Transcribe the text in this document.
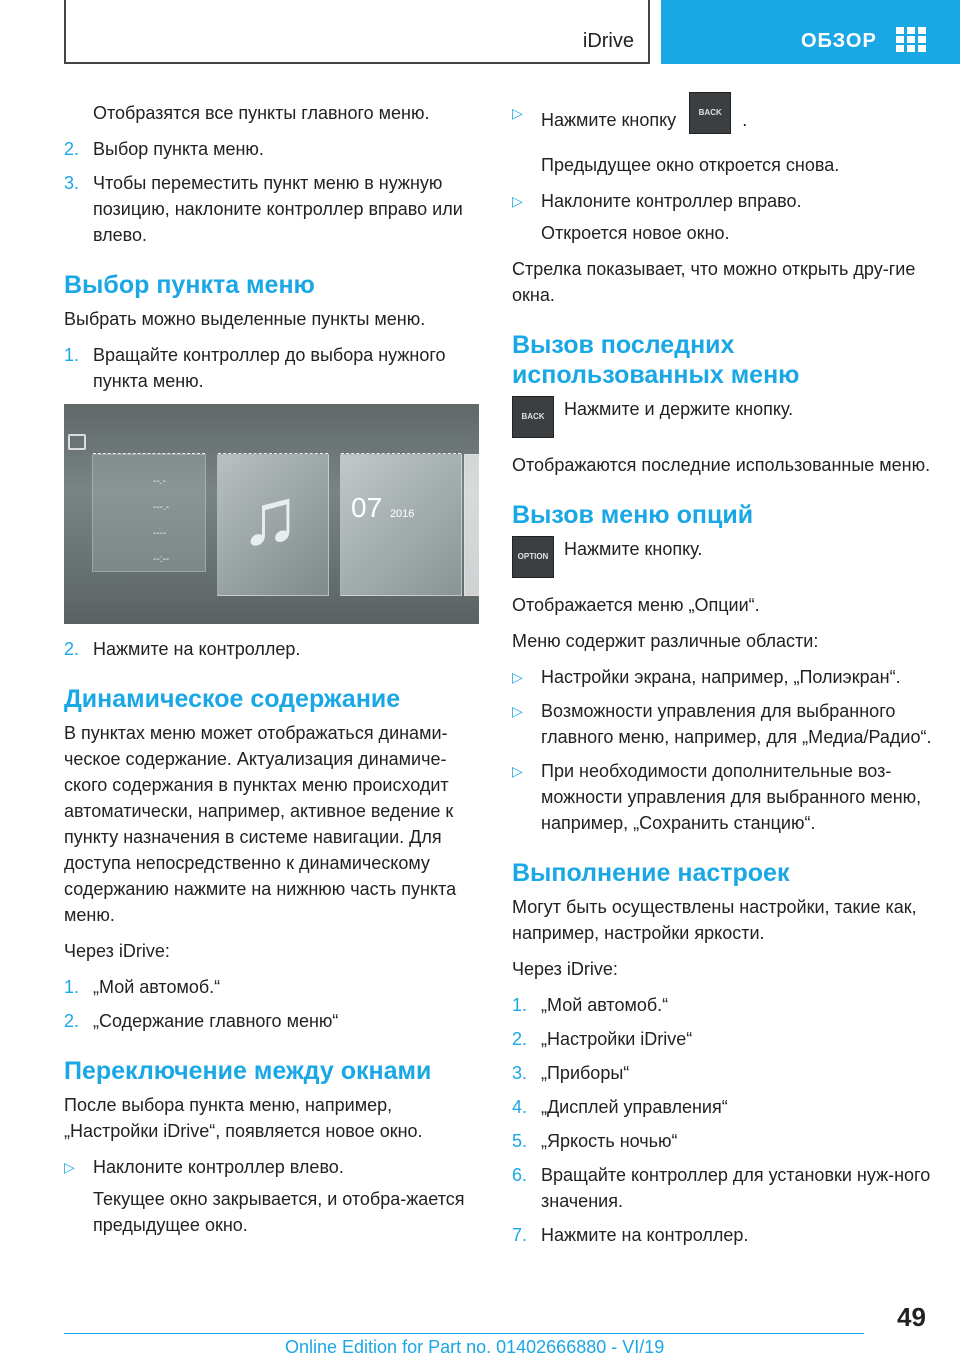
iDrive	ОБЗОР

Отобразятся все пункты главного меню.

2. Выбор пункта меню.
3. Чтобы переместить пункт меню в нужную позицию, наклоните контроллер вправо или влево.
Выбор пункта меню

Выбрать можно выделенные пункты меню.

1. Вращайте контроллер до выбора нужного пункта меню.
--.-
---.-
----
--:-- ♫ 07 2016
2. Нажмите на контроллер.
Динамическое содержание

В пунктах меню может отображаться динами‐ческое содержание. Актуализация динамиче‐ского содержания в пунктах меню происходит автоматически, например, активное ведение к пункту назначения в системе навигации. Для доступа непосредственно к динамическому содержанию нажмите на нижнюю часть пункта меню.

Через iDrive:

1. „Мой автомоб.“
2. „Содержание главного меню“
Переключение между окнами

После выбора пункта меню, например, „Настройки iDrive“, появляется новое окно.

▷ Наклоните контроллер влево.

Текущее окно закрывается, и отобра‐жается предыдущее окно.

▷ Нажмите кнопку	BACK .

Предыдущее окно откроется снова.

▷ Наклоните контроллер вправо.

Откроется новое окно.

Стрелка показывает, что можно открыть дру‐гие окна.

Вызов последних использованных меню
BACK	Нажмите и держите кнопку.

Отображаются последние использованные меню.

Вызов меню опций
OPTION Нажмите кнопку.

Отображается меню „Опции“.

Меню содержит различные области:

▷ Настройки экрана, например, „Полиэкран“.
▷ Возможности управления для выбранного главного меню, например, для „Медиа/Радио“.
▷ При необходимости дополнительные воз‐можности управления для выбранного меню, например, „Сохранить станцию“.
Выполнение настроек

Могут быть осуществлены настройки, такие как, например, настройки яркости.

Через iDrive:

1. „Мой автомоб.“
2. „Настройки iDrive“
3. „Приборы“
4. „Дисплей управления“
5. „Яркость ночью“
6. Вращайте контроллер для установки нуж‐ного значения.
7. Нажмите на контроллер.
49
Online Edition for Part no. 01402666880 - VI/19
